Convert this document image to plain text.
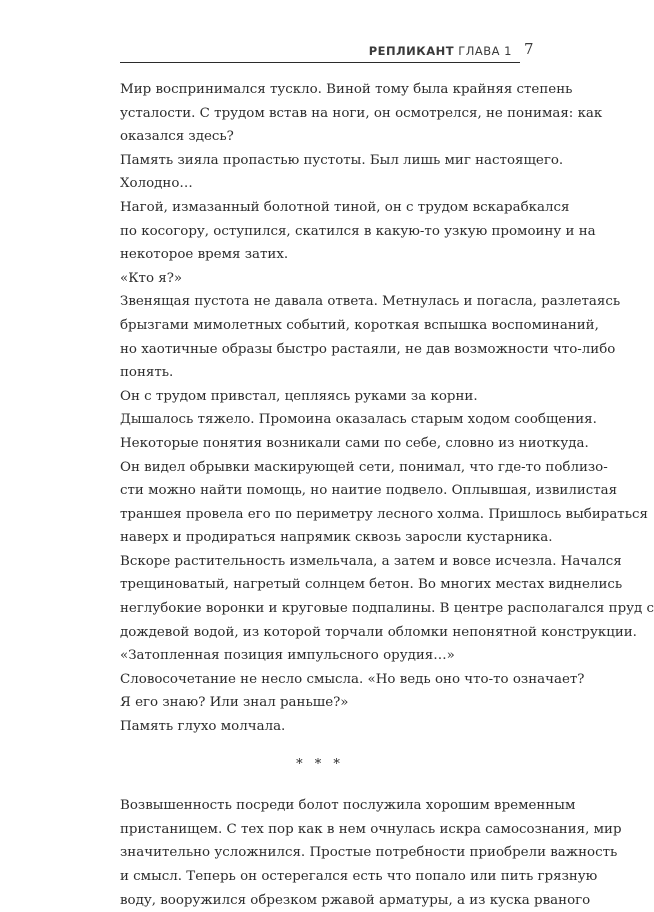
РЕПЛИКАНТ ГЛАВА 1 7
Мир воспринимался тускло. Виной тому была крайняя степень
усталости. С трудом встав на ноги, он осмотрелся, не понимая: как
оказался здесь?
Память зияла пропастью пустоты. Был лишь миг настоящего.
Холодно…
Нагой, измазанный болотной тиной, он с трудом вскарабкался
по косогору, оступился, скатился в какую-то узкую промоину и на
некоторое время затих.
«Кто я?»
Звенящая пустота не давала ответа. Метнулась и погасла, разлетаясь
брызгами мимолетных событий, короткая вспышка воспоминаний,
но хаотичные образы быстро растаяли, не дав возможности что-либо
понять.
Он с трудом привстал, цепляясь руками за корни.
Дышалось тяжело. Промоина оказалась старым ходом сообщения.
Некоторые понятия возникали сами по себе, словно из ниоткуда.
Он видел обрывки маскирующей сети, понимал, что где-то поблизо-
сти можно найти помощь, но наитие подвело. Оплывшая, извилистая
траншея провела его по периметру лесного холма. Пришлось выбираться
наверх и продираться напрямик сквозь заросли кустарника.
Вскоре растительность измельчала, а затем и вовсе исчезла. Начался
трещиноватый, нагретый солнцем бетон. Во многих местах виднелись
неглубокие воронки и круговые подпалины. В центре располагался пруд с
дождевой водой, из которой торчали обломки непонятной конструкции.
«Затопленная позиция импульсного орудия…»
Словосочетание не несло смысла. «Но ведь оно что-то означает?
Я его знаю? Или знал раньше?»
Память глухо молчала.
* * *
Возвышенность посреди болот послужила хорошим временным
пристанищем. С тех пор как в нем очнулась искра самосознания, мир
значительно усложнился. Простые потребности приобрели важность
и смысл. Теперь он остерегался есть что попало или пить грязную
воду, вооружился обрезком ржавой арматуры, а из куска рваного
